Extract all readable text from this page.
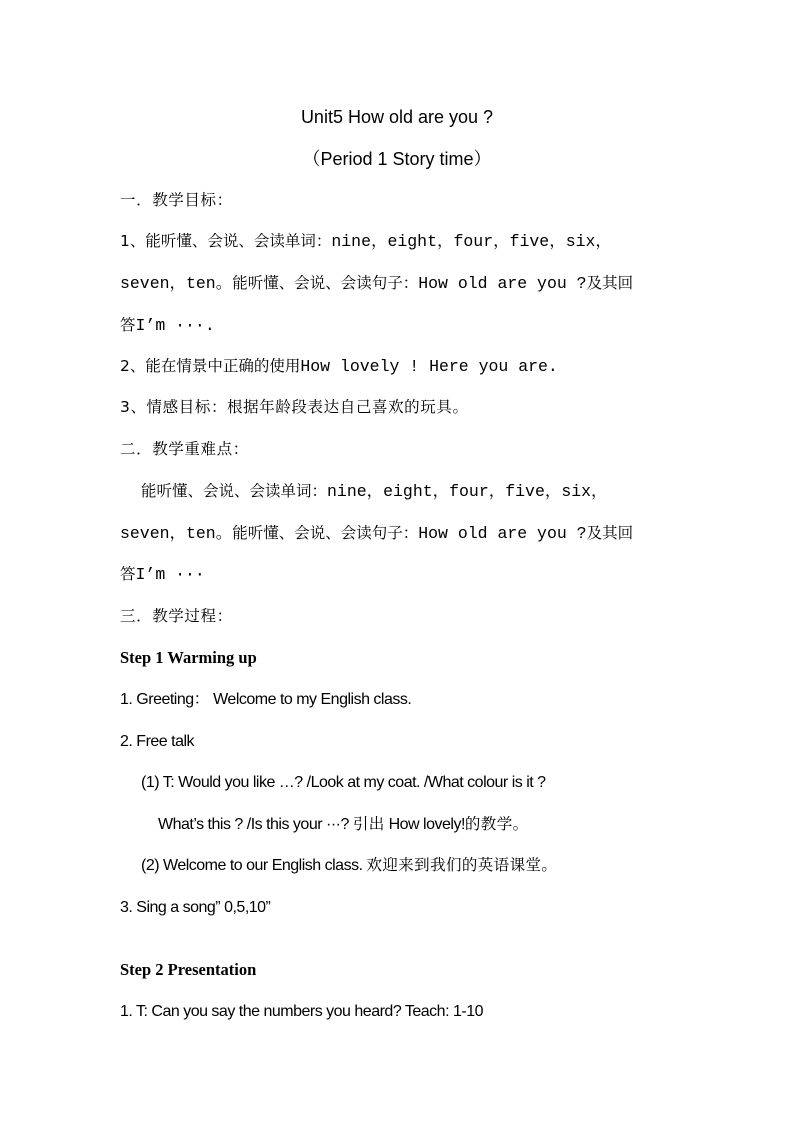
Unit5 How old are you ?
（Period 1 Story time）
一．教学目标：
1、能听懂、会说、会读单词：nine，eight，four，five，six，
seven，ten。能听懂、会说、会读句子：How old are you ?及其回
答I’m ···.
2、能在情景中正确的使用How lovely ! Here you are.
3、情感目标：根据年龄段表达自己喜欢的玩具。
二．教学重难点：
能听懂、会说、会读单词：nine，eight，four，five，six，
seven，ten。能听懂、会说、会读句子：How old are you ?及其回
答I’m ···
三．教学过程：
Step 1 Warming up
1. Greeting： Welcome to my English class.
2. Free talk
(1) T: Would you like …? /Look at my coat. /What colour is it ?
What’s this ? /Is this your ···? 引出 How lovely!的教学。
(2) Welcome to our English class. 欢迎来到我们的英语课堂。
3. Sing a song” 0,5,10”
Step 2 Presentation
1. T: Can you say the numbers you heard? Teach: 1-10
